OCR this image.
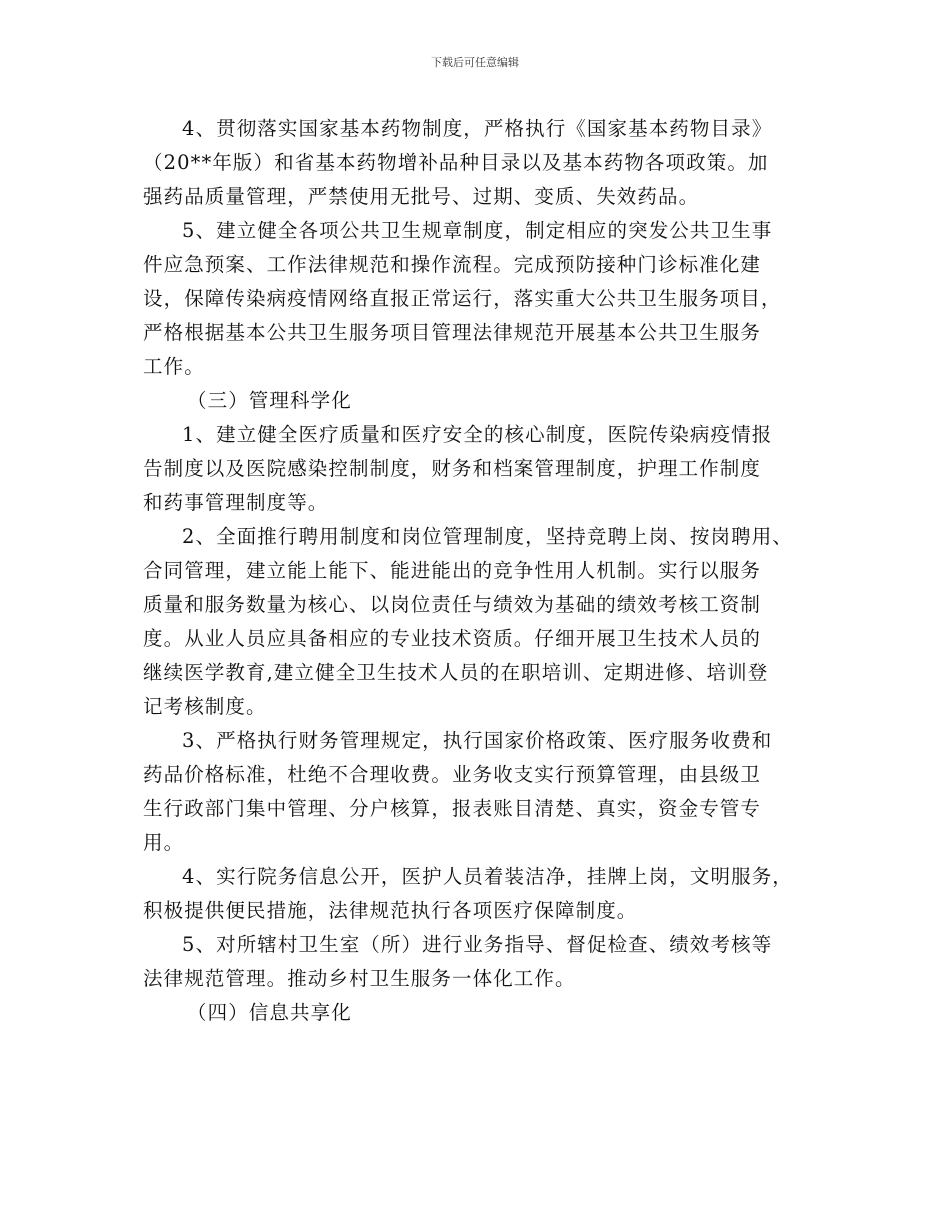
下载后可任意编辑
4、贯彻落实国家基本药物制度，严格执行《国家基本药物目录》
（20**年版）和省基本药物增补品种目录以及基本药物各项政策。加
强药品质量管理，严禁使用无批号、过期、变质、失效药品。
5、建立健全各项公共卫生规章制度，制定相应的突发公共卫生事
件应急预案、工作法律规范和操作流程。完成预防接种门诊标准化建
设，保障传染病疫情网络直报正常运行，落实重大公共卫生服务项目，
严格根据基本公共卫生服务项目管理法律规范开展基本公共卫生服务
工作。
（三）管理科学化
1、建立健全医疗质量和医疗安全的核心制度，医院传染病疫情报
告制度以及医院感染控制制度，财务和档案管理制度，护理工作制度
和药事管理制度等。
2、全面推行聘用制度和岗位管理制度，坚持竞聘上岗、按岗聘用、
合同管理，建立能上能下、能进能出的竞争性用人机制。实行以服务
质量和服务数量为核心、以岗位责任与绩效为基础的绩效考核工资制
度。从业人员应具备相应的专业技术资质。仔细开展卫生技术人员的
继续医学教育,建立健全卫生技术人员的在职培训、定期进修、培训登
记考核制度。
3、严格执行财务管理规定，执行国家价格政策、医疗服务收费和
药品价格标准，杜绝不合理收费。业务收支实行预算管理，由县级卫
生行政部门集中管理、分户核算，报表账目清楚、真实，资金专管专
用。
4、实行院务信息公开，医护人员着装洁净，挂牌上岗，文明服务，
积极提供便民措施，法律规范执行各项医疗保障制度。
5、对所辖村卫生室（所）进行业务指导、督促检查、绩效考核等
法律规范管理。推动乡村卫生服务一体化工作。
（四）信息共享化
